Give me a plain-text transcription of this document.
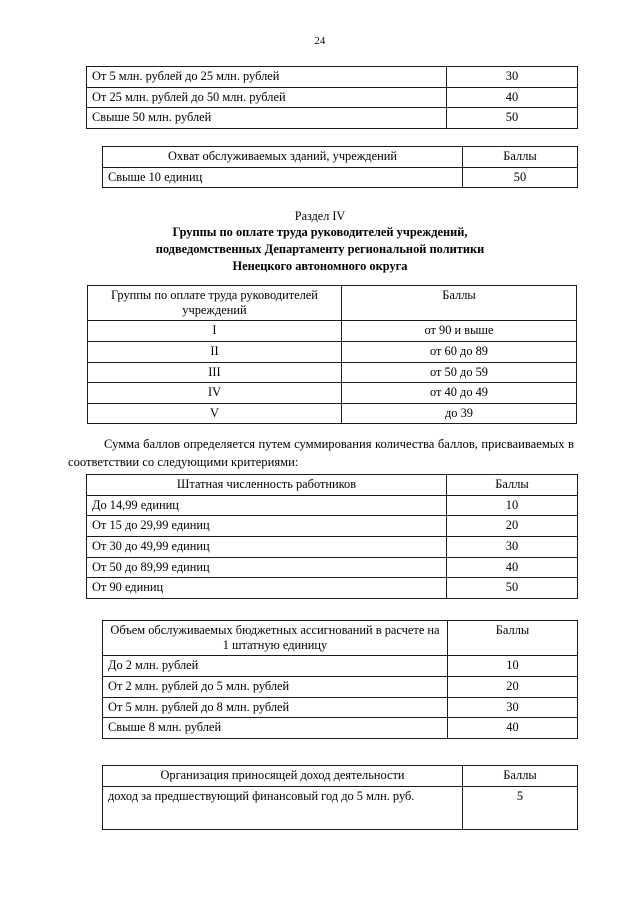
24
От 5 млн. рублей до 25 млн. рублей	30
От 25 млн. рублей до 50 млн. рублей	40
Свыше 50 млн. рублей	50
Охват обслуживаемых зданий, учреждений	Баллы
Свыше 10 единиц	50
Раздел IV
Группы по оплате труда руководителей учреждений,
подведомственных Департаменту региональной политики
Ненецкого автономного округа
Группы по оплате труда руководителей учреждений	Баллы
I	от 90 и выше
II	от 60 до 89
III	от 50 до 59
IV	от 40 до 49
V	до 39
Сумма баллов определяется путем суммирования количества баллов, присваиваемых в соответствии со следующими критериями:
Штатная численность работников	Баллы
До 14,99 единиц	10
От 15 до 29,99 единиц	20
От 30 до 49,99 единиц	30
От 50 до 89,99 единиц	40
От 90 единиц	50
Объем обслуживаемых бюджетных ассигнований в расчете на 1 штатную единицу	Баллы
До 2 млн. рублей	10
От 2 млн. рублей до 5 млн. рублей	20
От 5 млн. рублей до 8 млн. рублей	30
Свыше 8 млн. рублей	40
Организация приносящей доход деятельности	Баллы
доход за предшествующий финансовый год до 5 млн. руб.	5
